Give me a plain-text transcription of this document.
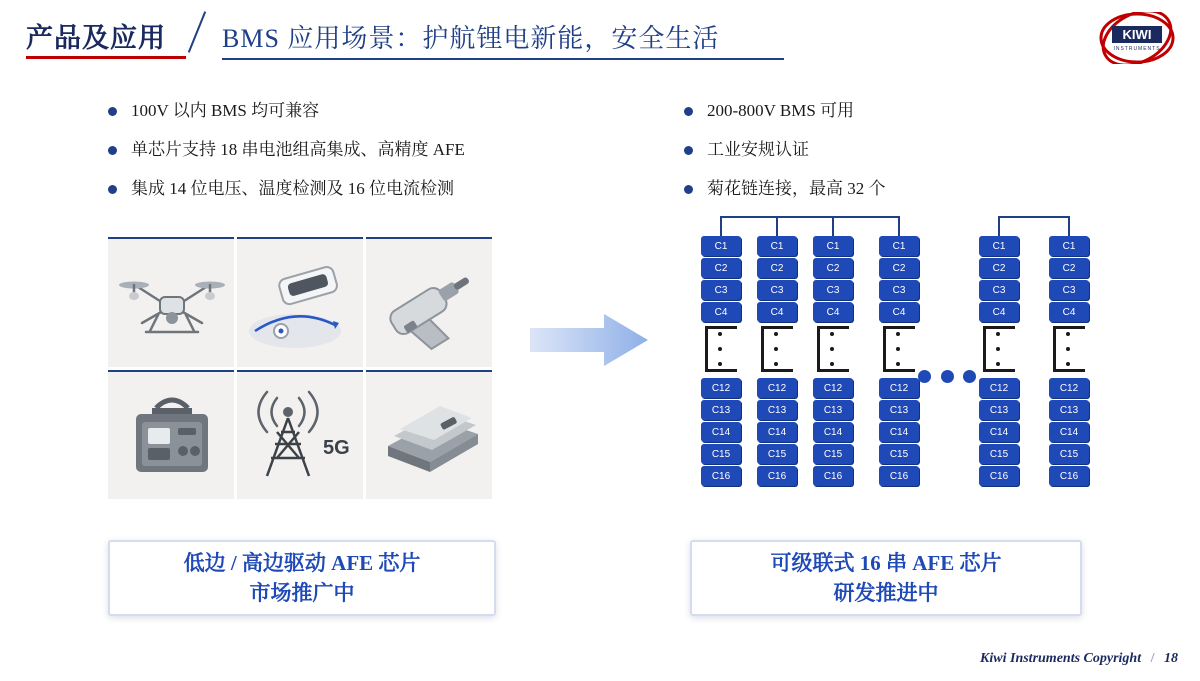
产品及应用 BMS 应用场景：护航锂电新能，安全生活	KIWI
INSTRUMENTS
100V 以内 BMS 均可兼容
单芯片支持 18 串电池组高集成、高精度 AFE
集成 14 位电压、温度检测及 16 位电流检测
200-800V BMS 可用
工业安规认证
菊花链连接，最高 32 个
5G
C1
C2
C3
C4
C12
C13
C14
C15
C16
C1
C2
C3
C4
C12
C13
C14
C15
C16
C1
C2
C3
C4
C12
C13
C14
C15
C16
C1
C2
C3
C4
C12
C13
C14
C15
C16
C1
C2
C3
C4
C12
C13
C14
C15
C16
C1
C2
C3
C4
C12
C13
C14
C15
C16
低边 / 高边驱动 AFE 芯片
市场推广中
可级联式 16 串 AFE 芯片
研发推进中
Kiwi Instruments Copyright / 18
